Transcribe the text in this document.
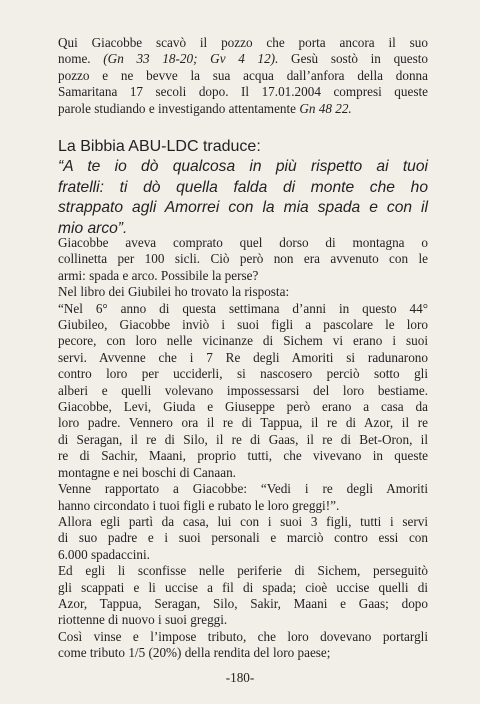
Qui Giacobbe scavò il pozzo che porta ancora il suo
nome. (Gn 33 18-20; Gv 4 12). Gesù sostò in questo
pozzo e ne bevve la sua acqua dall’anfora della donna
Samaritana 17 secoli dopo. Il 17.01.2004 compresi queste
parole studiando e investigando attentamente Gn 48 22.
La Bibbia ABU-LDC traduce:
“A te io dò qualcosa in più rispetto ai tuoi
fratelli: ti dò quella falda di monte che ho
strappato agli Amorrei con la mia spada e con il
mio arco”.
Giacobbe aveva comprato quel dorso di montagna o
collinetta per 100 sicli. Ciò però non era avvenuto con le
armi: spada e arco. Possibile la perse?
Nel libro dei Giubilei ho trovato la risposta:
“Nel 6° anno di questa settimana d’anni in questo 44°
Giubileo, Giacobbe inviò i suoi figli a pascolare le loro
pecore, con loro nelle vicinanze di Sichem vi erano i suoi
servi. Avvenne che i 7 Re degli Amoriti si radunarono
contro loro per ucciderli, si nascosero perciò sotto gli
alberi e quelli volevano impossessarsi del loro bestiame.
Giacobbe, Levi, Giuda e Giuseppe però erano a casa da
loro padre. Vennero ora il re di Tappua, il re di Azor, il re
di Seragan, il re di Silo, il re di Gaas, il re di Bet-Oron, il
re di Sachir, Maani, proprio tutti, che vivevano in queste
montagne e nei boschi di Canaan.
Venne rapportato a Giacobbe: “Vedi i re degli Amoriti
hanno circondato i tuoi figli e rubato le loro greggi!”.
Allora egli partì da casa, lui con i suoi 3 figli, tutti i servi
di suo padre e i suoi personali e marciò contro essi con
6.000 spadaccini.
Ed egli li sconfisse nelle periferie di Sichem, perseguitò
gli scappati e li uccise a fil di spada; cioè uccise quelli di
Azor, Tappua, Seragan, Silo, Sakir, Maani e Gaas; dopo
riottenne di nuovo i suoi greggi.
Così vinse e l’impose tributo, che loro dovevano portargli
come tributo 1/5 (20%) della rendita del loro paese;
-180-
